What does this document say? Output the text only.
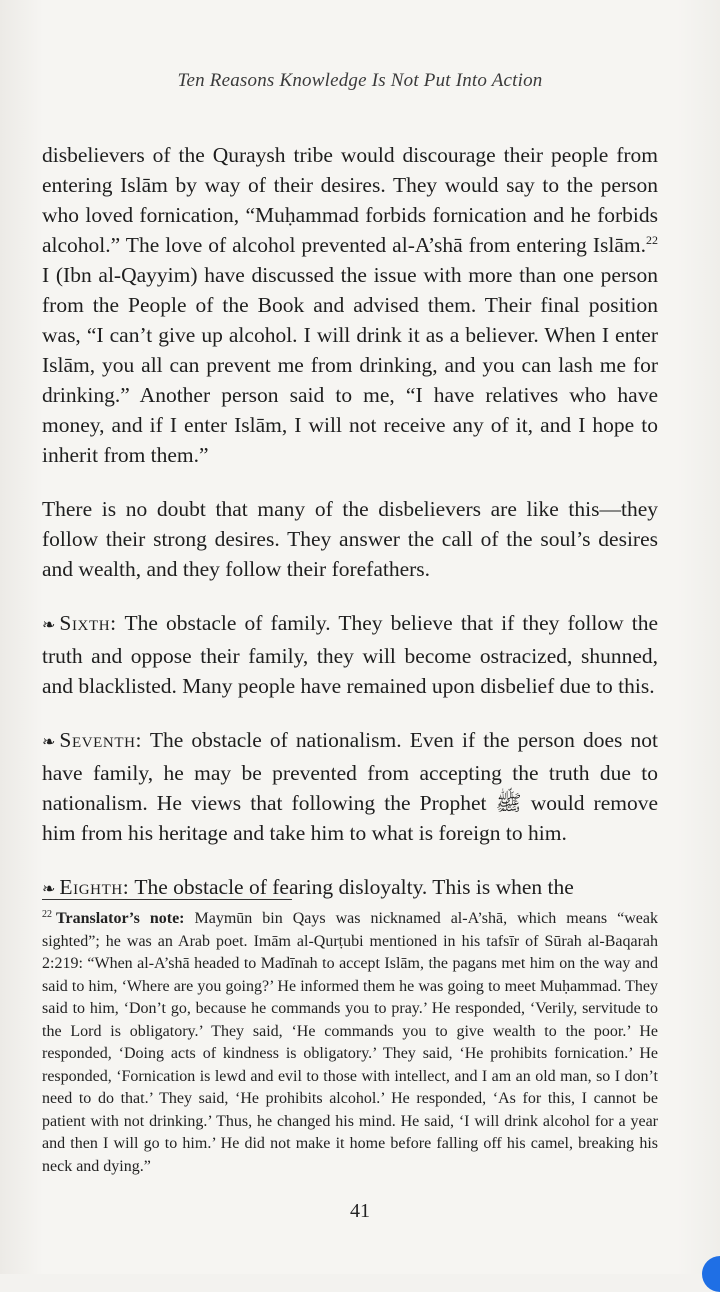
Ten Reasons Knowledge Is Not Put Into Action

disbelievers of the Quraysh tribe would discourage their people from entering Islām by way of their desires. They would say to the person who loved fornication, “Muḥammad forbids fornication and he forbids alcohol.” The love of alcohol prevented al-A’shā from entering Islām.$^{22}$ I (Ibn al-Qayyim) have discussed the issue with more than one person from the People of the Book and advised them. Their final position was, “I can’t give up alcohol. I will drink it as a believer. When I enter Islām, you all can prevent me from drinking, and you can lash me for drinking.” Another person said to me, “I have relatives who have money, and if I enter Islām, I will not receive any of it, and I hope to inherit from them.”

There is no doubt that many of the disbelievers are like this—they follow their strong desires. They answer the call of the soul’s desires and wealth, and they follow their forefathers.

❧ Sixth: The obstacle of family. They believe that if they follow the truth and oppose their family, they will become ostracized, shunned, and blacklisted. Many people have remained upon disbelief due to this.

❧ Seventh: The obstacle of nationalism. Even if the person does not have family, he may be prevented from accepting the truth due to nationalism. He views that following the Prophet ﷺ would remove him from his heritage and take him to what is foreign to him.

❧ Eighth: The obstacle of fearing disloyalty. This is when the

$^{22}$ Translator’s note: Maymūn bin Qays was nicknamed al-A’shā, which means “weak sighted”; he was an Arab poet. Imām al-Qurṭubi mentioned in his tafsīr of Sūrah al-Baqarah 2:219: “When al-A’shā headed to Madīnah to accept Islām, the pagans met him on the way and said to him, ‘Where are you going?’ He informed them he was going to meet Muḥammad. They said to him, ‘Don’t go, because he commands you to pray.’ He responded, ‘Verily, servitude to the Lord is obligatory.’ They said, ‘He commands you to give wealth to the poor.’ He responded, ‘Doing acts of kindness is obligatory.’ They said, ‘He prohibits fornication.’ He responded, ‘Fornication is lewd and evil to those with intellect, and I am an old man, so I don’t need to do that.’ They said, ‘He prohibits alcohol.’ He responded, ‘As for this, I cannot be patient with not drinking.’ Thus, he changed his mind. He said, ‘I will drink alcohol for a year and then I will go to him.’ He did not make it home before falling off his camel, breaking his neck and dying.”
41
